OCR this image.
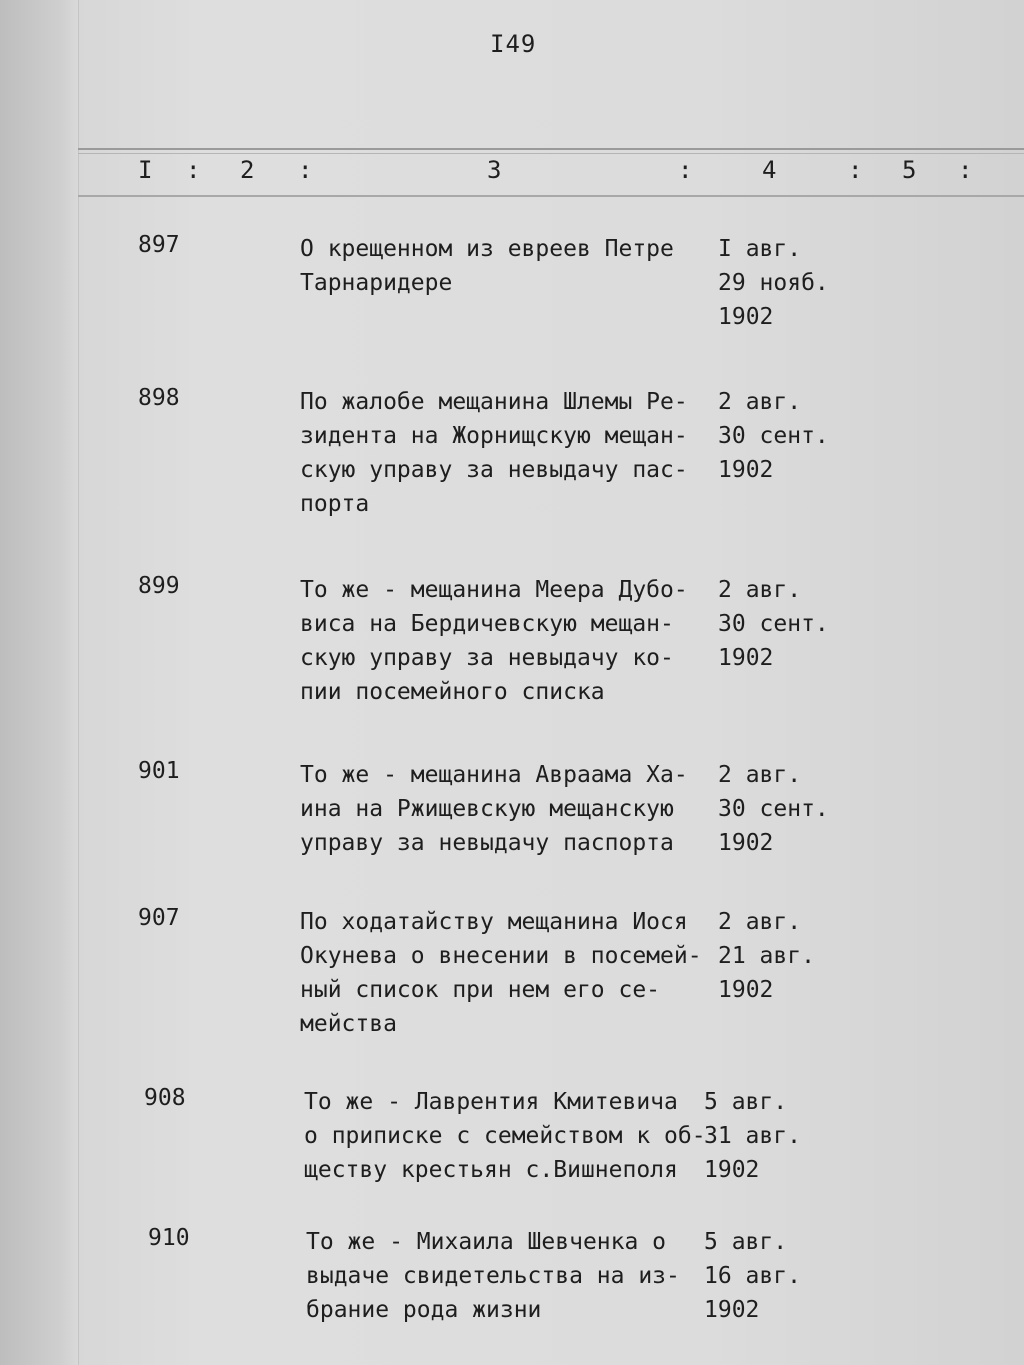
I49
I : 2 :	3	:	4	: 5 :
897	О крещенном из евреев Петре
Тарнаридере
I авг.
29 нояб.
1902
898	По жалобе мещанина Шлемы Ре-
зидента на Жорнищскую мещан-
скую управу за невыдачу пас-
порта
2 авг.
30 сент.
1902
899	То же - мещанина Меера Дубо-
виса на Бердичевскую мещан-
скую управу за невыдачу ко-
пии посемейного списка
2 авг.
30 сент.
1902
901	То же - мещанина Авраама Ха-
ина на Ржищевскую мещанскую
управу за невыдачу паспорта
2 авг.
30 сент.
1902
907	По ходатайству мещанина Иося
Окунева о внесении в посемей-
ный список при нем его се-
мейства
2 авг.
21 авг.
1902
908	То же - Лаврентия Кмитевича
о приписке с семейством к об-
ществу крестьян с.Вишнеполя
5 авг.
31 авг.
1902
910	То же - Михаила Шевченка о
выдаче свидетельства на из-
брание рода жизни
5 авг.
16 авг.
1902
